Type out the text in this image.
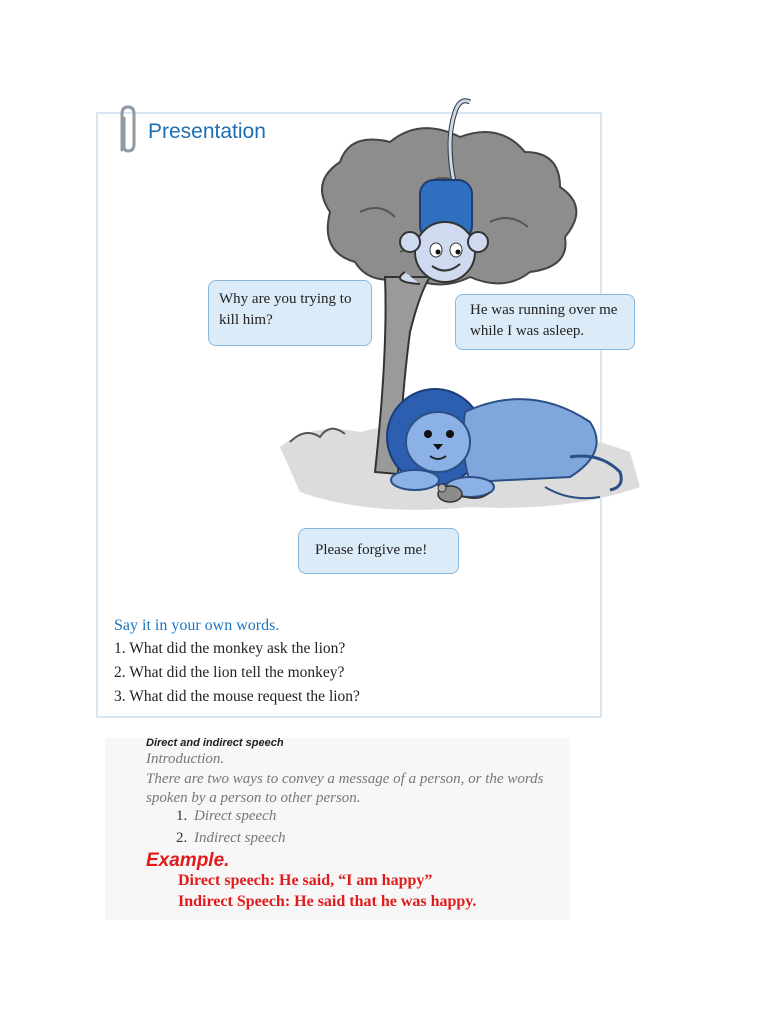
Presentation
Why are you trying to kill him?
He was running over me while I was asleep.
Please forgive me!
Say it in your own words.
1. What did the monkey ask the lion?
2. What did the lion tell the monkey?
3. What did the mouse request the lion?
Direct and indirect speech
Introduction.
There are two ways to convey a message of a person, or the words spoken by a person to other person.
1. Direct speech
2. Indirect speech
Example.
Direct speech: He said, “I am happy”
Indirect Speech: He said that he was happy.
